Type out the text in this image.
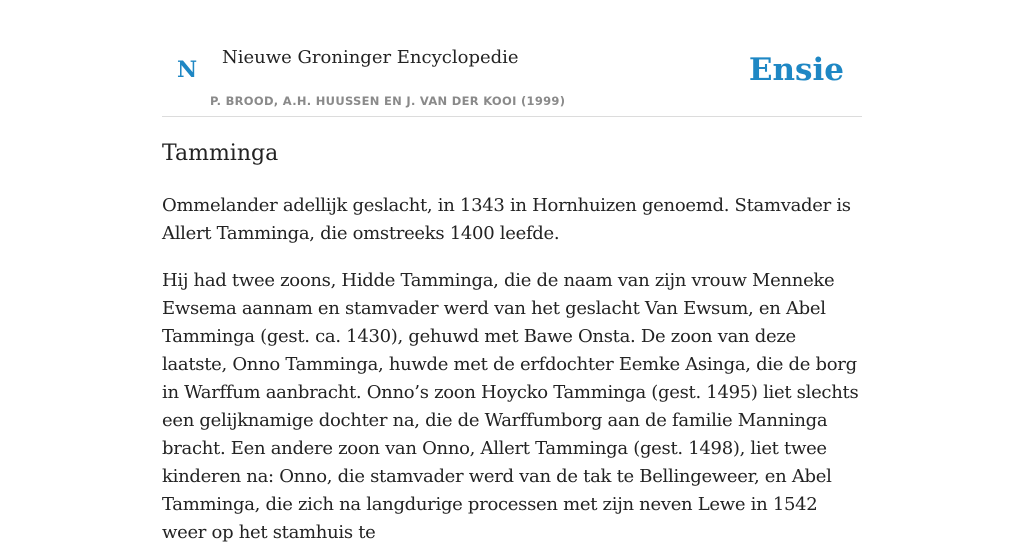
N Nieuwe Groninger Encyclopedie
P. BROOD, A.H. HUUSSEN EN J. VAN DER KOOI (1999)
Ensie
Tamminga

Ommelander adellijk geslacht, in 1343 in Hornhuizen genoemd. Stamvader is Allert Tamminga, die omstreeks 1400 leefde.

Hij had twee zoons, Hidde Tamminga, die de naam van zijn vrouw Menneke Ewsema aannam en stamvader werd van het geslacht Van Ewsum, en Abel Tamminga (gest. ca. 1430), gehuwd met Bawe Onsta. De zoon van deze laatste, Onno Tamminga, huwde met de erfdochter Eemke Asinga, die de borg in Warffum aanbracht. Onno’s zoon Hoycko Tamminga (gest. 1495) liet slechts een gelijknamige dochter na, die de Warffumborg aan de familie Manninga bracht. Een andere zoon van Onno, Allert Tamminga (gest. 1498), liet twee kinderen na: Onno, die stamvader werd van de tak te Bellingeweer, en Abel Tamminga, die zich na langdurige processen met zijn neven Lewe in 1542 weer op het stamhuis te
